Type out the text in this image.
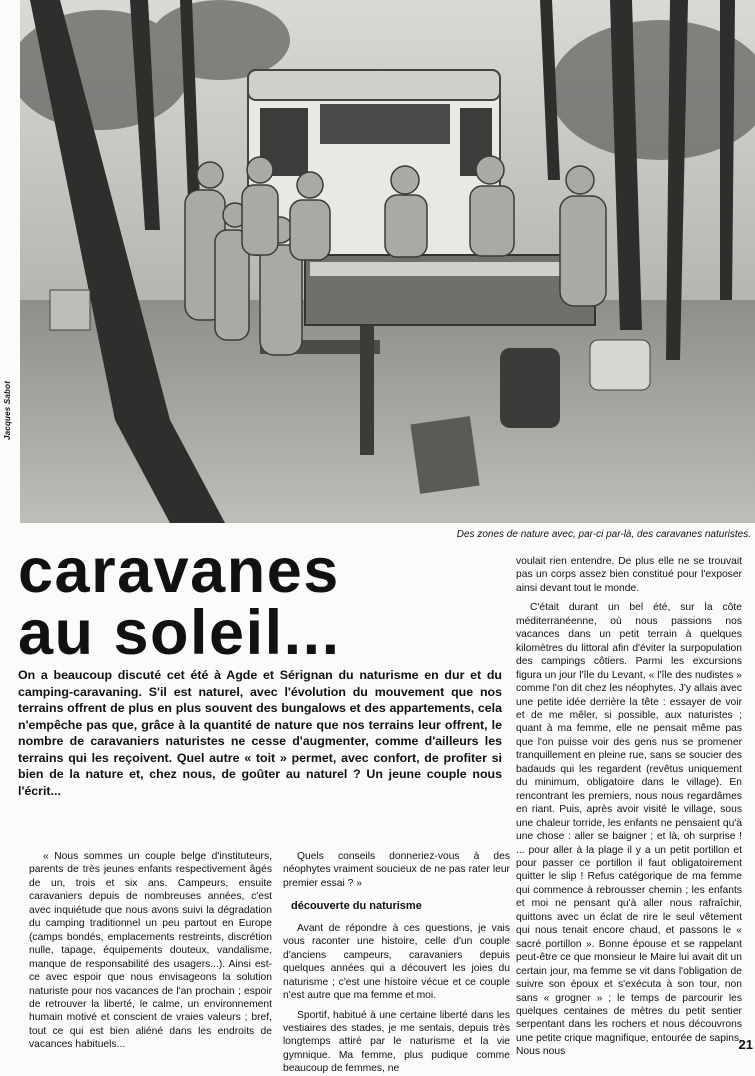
Jacques Sabot
Des zones de nature avec, par-ci par-là, des caravanes naturistes.
caravanes
au soleil...

On a beaucoup discuté cet été à Agde et Sérignan du naturisme en dur et du camping-caravaning. S'il est naturel, avec l'évolution du mouvement que nos terrains offrent de plus en plus souvent des bungalows et des appartements, cela n'empêche pas que, grâce à la quantité de nature que nos terrains leur offrent, le nombre de caravaniers naturistes ne cesse d'augmenter, comme d'ailleurs les terrains qui les reçoivent. Quel autre « toit » permet, avec confort, de profiter si bien de la nature et, chez nous, de goûter au naturel ? Un jeune couple nous l'écrit...

« Nous sommes un couple belge d'instituteurs, parents de très jeunes enfants respectivement âgés de un, trois et six ans. Campeurs, ensuite caravaniers depuis de nombreuses années, c'est avec inquiétude que nous avons suivi la dégradation du camping traditionnel un peu partout en Europe (camps bondés, emplacements restreints, discrétion nulle, tapage, équipements douteux, vandalisme, manque de responsabilité des usagers...). Ainsi est-ce avec espoir que nous envisageons la solution naturiste pour nos vacances de l'an prochain ; espoir de retrouver la liberté, le calme, un environnement humain motivé et conscient de vraies valeurs ; bref, tout ce qui est bien aliéné dans les endroits de vacances habituels...

Quels conseils donneriez-vous à des néophytes vraiment soucieux de ne pas rater leur premier essai ? »

découverte du naturisme

Avant de répondre à ces questions, je vais vous raconter une histoire, celle d'un couple d'anciens campeurs, caravaniers depuis quelques années qui a découvert les joies du naturisme ; c'est une histoire vécue et ce couple n'est autre que ma femme et moi.

Sportif, habitué à une certaine liberté dans les vestiaires des stades, je me sentais, depuis très longtemps attiré par le naturisme et la vie gymnique. Ma femme, plus pudique comme beaucoup de femmes, ne

voulait rien entendre. De plus elle ne se trouvait pas un corps assez bien constitué pour l'exposer ainsi devant tout le monde.

C'était durant un bel été, sur la côte méditerranéenne, où nous passions nos vacances dans un petit terrain à quelques kilomètres du littoral afin d'éviter la surpopulation des campings côtiers. Parmi les excursions figura un jour l'île du Levant, « l'île des nudistes » comme l'on dit chez les néophytes. J'y allais avec une petite idée derrière la tête : essayer de voir et de me mêler, si possible, aux naturistes ; quant à ma femme, elle ne pensait même pas que l'on puisse voir des gens nus se promener tranquillement en pleine rue, sans se soucier des badauds qui les regardent (revêtus uniquement du minimum, obligatoire dans le village). En rencontrant les premiers, nous nous regardâmes en riant. Puis, après avoir visité le village, sous une chaleur torride, les enfants ne pensaient qu'à une chose : aller se baigner ; et là, oh surprise ! ... pour aller à la plage il y a un petit portillon et pour passer ce portillon il faut obligatoirement quitter le slip ! Refus catégorique de ma femme qui commence à rebrousser chemin ; les enfants et moi ne pensant qu'à aller nous rafraîchir, quittons avec un éclat de rire le seul vêtement qui nous tenait encore chaud, et passons le « sacré portillon ». Bonne épouse et se rappelant peut-être ce que monsieur le Maire lui avait dit un certain jour, ma femme se vit dans l'obligation de suivre son époux et s'exécuta à son tour, non sans « grogner » ; le temps de parcourir les quelques centaines de mètres du petit sentier serpentant dans les rochers et nous découvrons une petite crique magnifique, entourée de sapins. Nous nous	21
